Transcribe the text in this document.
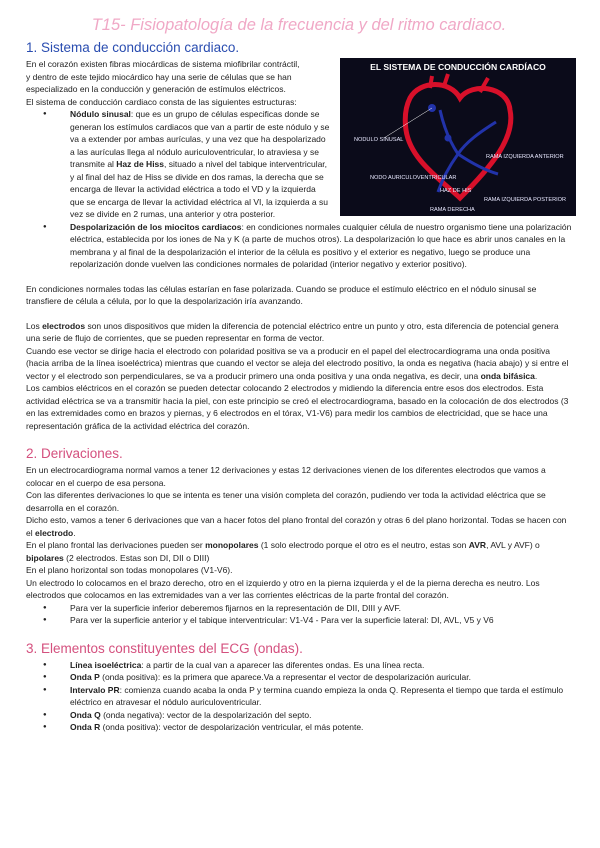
T15- Fisiopatología de la frecuencia y del ritmo cardiaco.
1. Sistema de conducción cardiaco.
EL SISTEMA DE CONDUCCIÓN CARDÍACO
NODULO SINUSAL
NODO AURICULOVENTRICULAR
HAZ DE HIS
RAMA IZQUIERDA ANTERIOR
RAMA IZQUIERDA POSTERIOR
RAMA DERECHA

En el corazón existen fibras miocárdicas de sistema miofibrilar contráctil,

y dentro de este tejido miocárdico hay una serie de células que se han

especializado en la conducción y generación de estímulos eléctricos.

El sistema de conducción cardiaco consta de las siguientes estructuras:

● Nódulo sinusal: que es un grupo de células especificas donde se generan los estímulos cardiacos que van a partir de este nódulo y se va a extender por ambas aurículas, y una vez que ha despolarizado a las aurículas llega al nódulo auriculoventricular, lo atraviesa y se transmite al Haz de Hiss, situado a nivel del tabique interventricular, y al final del haz de Hiss se divide en dos ramas, la derecha que se encarga de llevar la actividad eléctrica a todo el VD y la izquierda que se encarga de llevar la actividad eléctrica al VI, la izquierda a su vez se divide en 2 rumas, una anterior y otra posterior.
● Despolarización de los miocitos cardiacos: en condiciones normales cualquier célula de nuestro organismo tiene una polarización eléctrica, establecida por los iones de Na y K (a parte de muchos otros). La despolarización lo que hace es abrir unos canales en la membrana y al final de la despolarización el interior de la célula es positivo y el exterior es negativo, luego se produce una repolarización donde vuelven las condiciones normales de polaridad (interior negativo y exterior positivo).

En condiciones normales todas las células estarían en fase polarizada. Cuando se produce el estímulo eléctrico en el nódulo sinusal se transfiere de célula a célula, por lo que la despolarización iría avanzando.

Los electrodos son unos dispositivos que miden la diferencia de potencial eléctrico entre un punto y otro, esta diferencia de potencial genera una serie de flujo de corrientes, que se pueden representar en forma de vector.

Cuando ese vector se dirige hacia el electrodo con polaridad positiva se va a producir en el papel del electrocardiograma una onda positiva (hacia arriba de la línea isoeléctrica) mientras que cuando el vector se aleja del electrodo positivo, la onda es negativa (hacia abajo) y si entre el vector y el electrodo son perpendiculares, se va a producir primero una onda positiva y una onda negativa, es decir, una onda bifásica.

Los cambios eléctricos en el corazón se pueden detectar colocando 2 electrodos y midiendo la diferencia entre esos dos electrodos. Esta actividad eléctrica se va a transmitir hacia la piel, con este principio se creó el electrocardiograma, basado en la colocación de dos electrodos (3 en las extremidades como en brazos y piernas, y 6 electrodos en el tórax, V1-V6) para medir los cambios de electricidad, que se hace una representación gráfica de la actividad eléctrica del corazón.

2. Derivaciones.

En un electrocardiograma normal vamos a tener 12 derivaciones y estas 12 derivaciones vienen de los diferentes electrodos que vamos a colocar en el cuerpo de esa persona.

Con las diferentes derivaciones lo que se intenta es tener una visión completa del corazón, pudiendo ver toda la actividad eléctrica que se desarrolla en el corazón.

Dicho esto, vamos a tener 6 derivaciones que van a hacer fotos del plano frontal del corazón y otras 6 del plano horizontal. Todas se hacen con el electrodo.

En el plano frontal las derivaciones pueden ser monopolares (1 solo electrodo porque el otro es el neutro, estas son AVR, AVL y AVF) o bipolares (2 electrodos. Estas son DI, DII o DIII)

En el plano horizontal son todas monopolares (V1-V6).

Un electrodo lo colocamos en el brazo derecho, otro en el izquierdo y otro en la pierna izquierda y el de la pierna derecha es neutro. Los electrodos que colocamos en las extremidades van a ver las corrientes eléctricas de la parte frontal del corazón.

● Para ver la superficie inferior deberemos fijarnos en la representación de DII, DIII y AVF.
● Para ver la superficie anterior y el tabique interventricular: V1-V4 - Para ver la superficie lateral: DI, AVL, V5 y V6
3. Elementos constituyentes del ECG (ondas).
● Línea isoeléctrica: a partir de la cual van a aparecer las diferentes ondas. Es una línea recta.
● Onda P (onda positiva): es la primera que aparece.Va a representar el vector de despolarización auricular.
● Intervalo PR: comienza cuando acaba la onda P y termina cuando empieza la onda Q. Representa el tiempo que tarda el estímulo eléctrico en atravesar el nódulo auriculoventricular.
● Onda Q (onda negativa): vector de la despolarización del septo.
● Onda R (onda positiva): vector de despolarización ventricular, el más potente.
